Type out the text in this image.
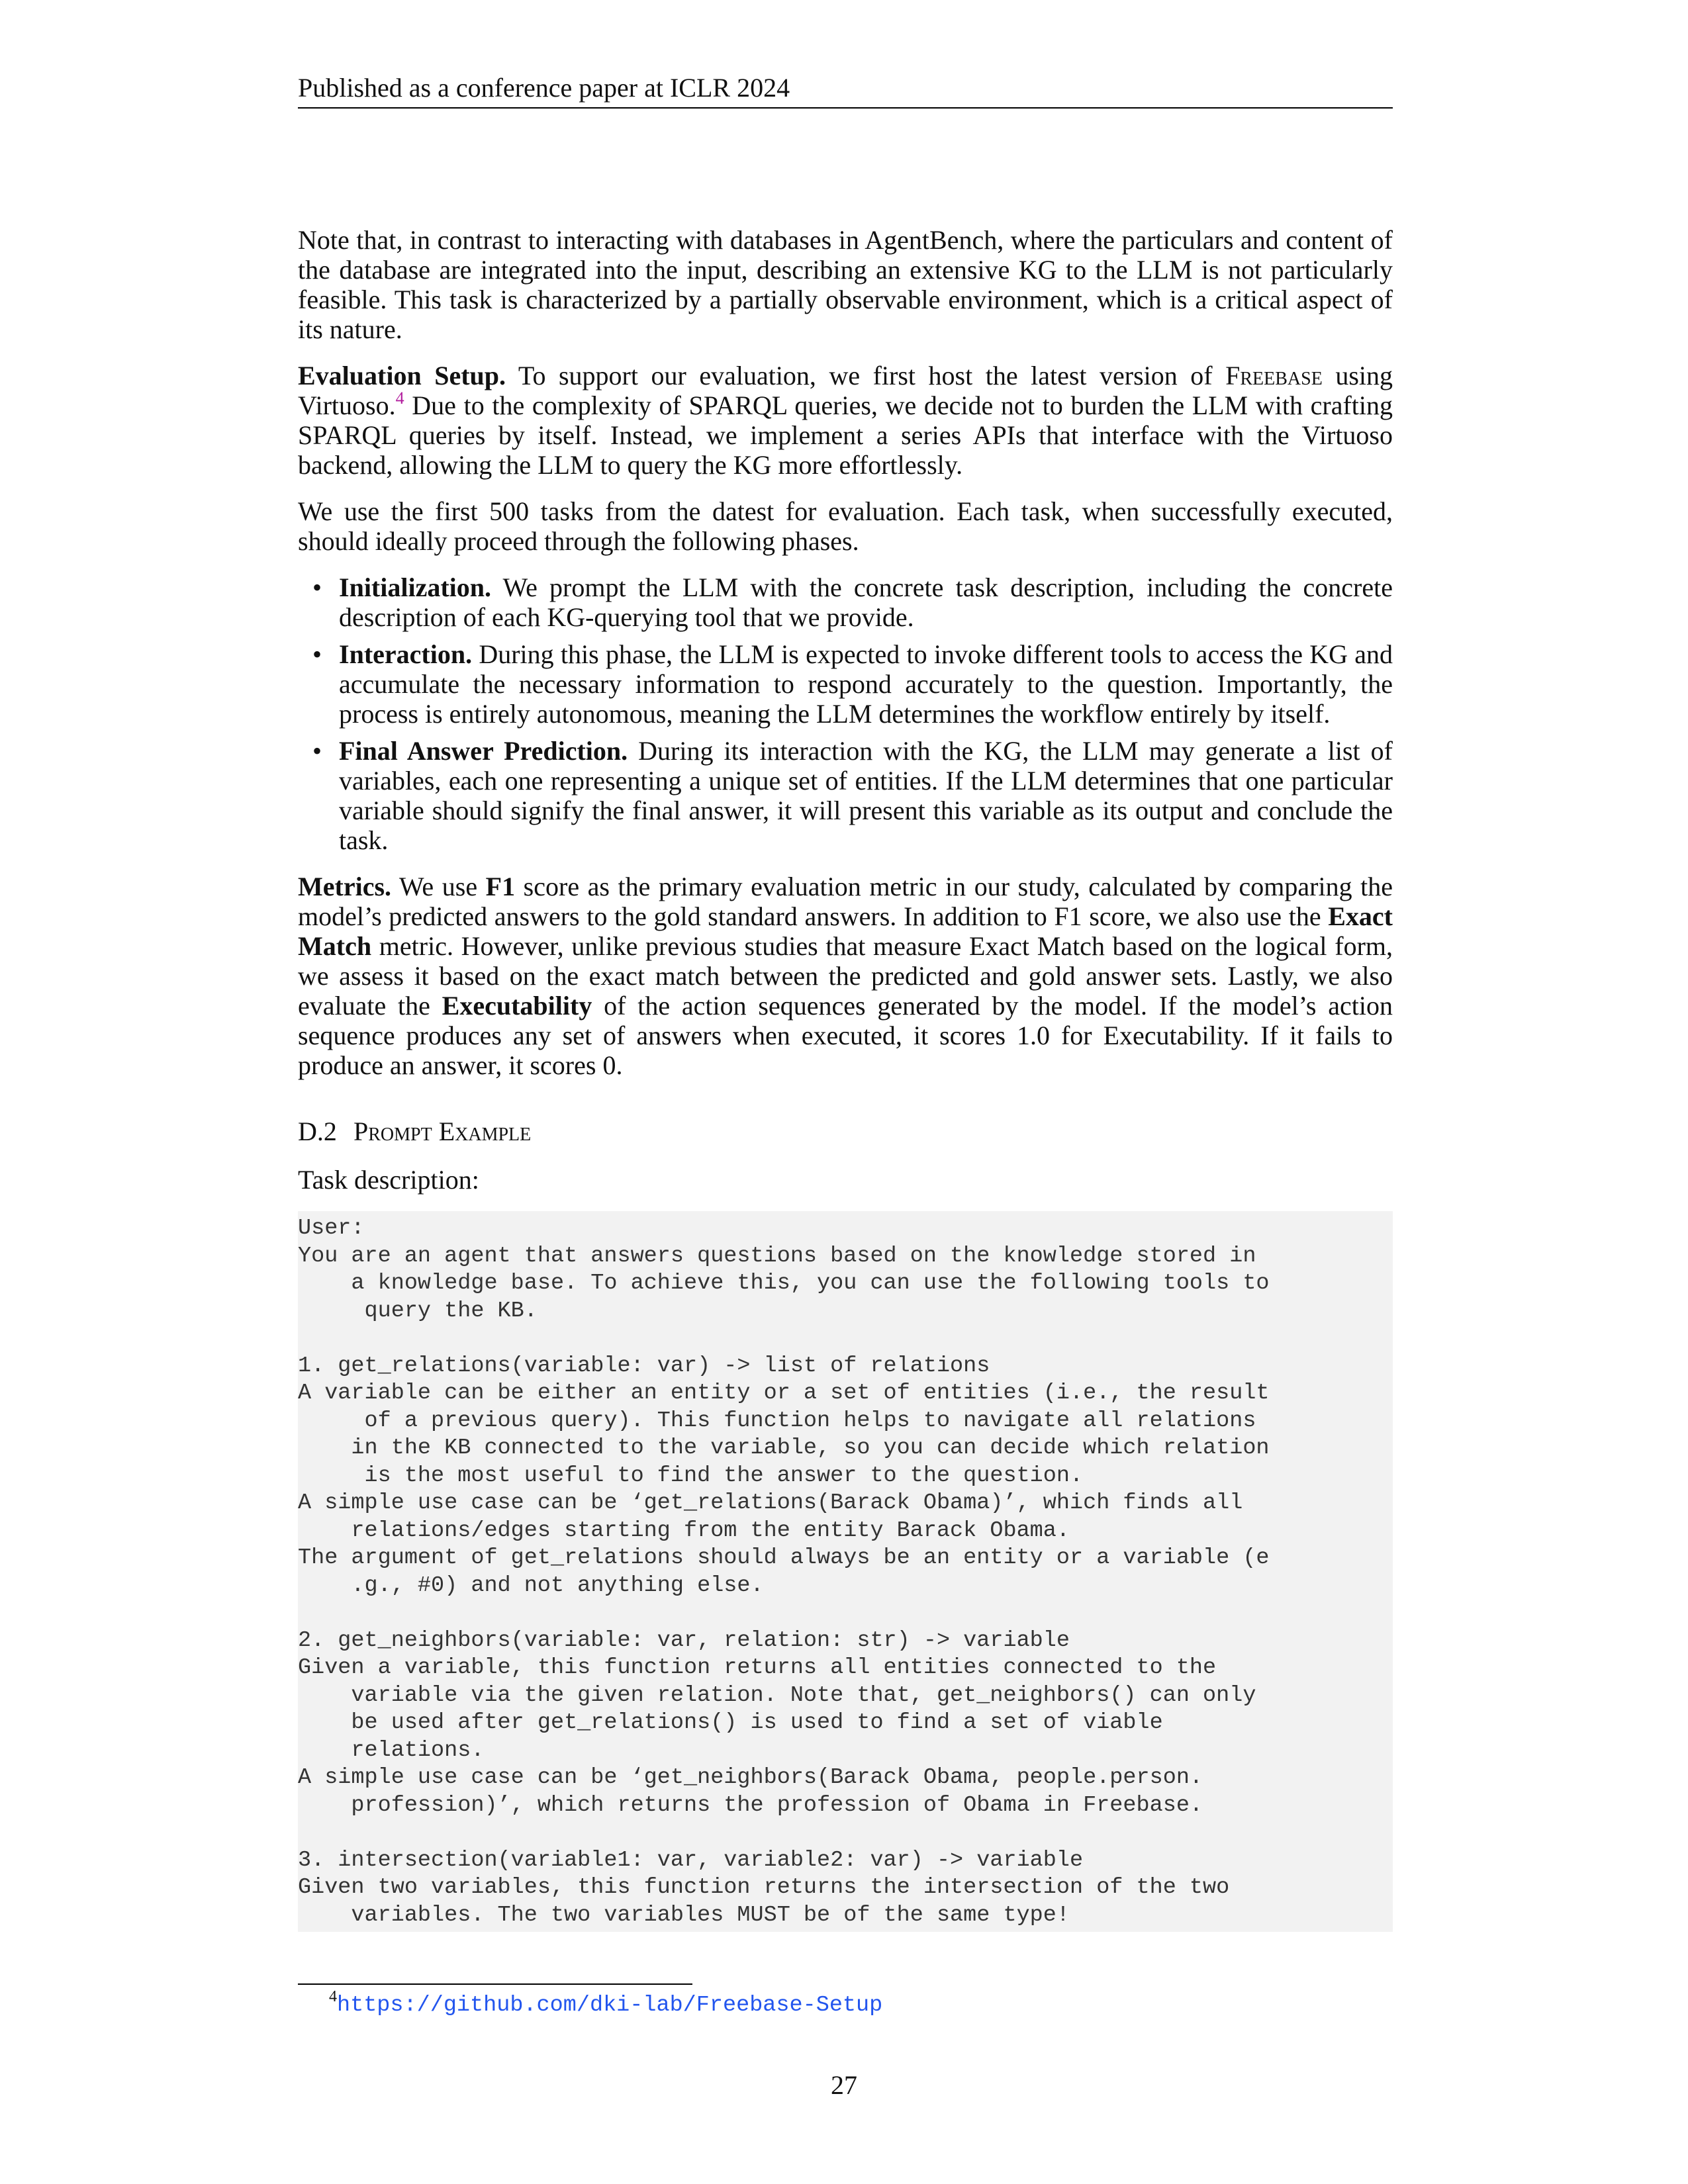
Published as a conference paper at ICLR 2024

Note that, in contrast to interacting with databases in AgentBench, where the particulars and content of the database are integrated into the input, describing an extensive KG to the LLM is not particularly feasible. This task is characterized by a partially observable environment, which is a critical aspect of its nature.

Evaluation Setup. To support our evaluation, we first host the latest version of Freebase using Virtuoso.$^4$ Due to the complexity of SPARQL queries, we decide not to burden the LLM with crafting SPARQL queries by itself. Instead, we implement a series APIs that interface with the Virtuoso backend, allowing the LLM to query the KG more effortlessly.

We use the first 500 tasks from the datest for evaluation. Each task, when successfully executed, should ideally proceed through the following phases.

• Initialization. We prompt the LLM with the concrete task description, including the concrete description of each KG-querying tool that we provide.
• Interaction. During this phase, the LLM is expected to invoke different tools to access the KG and accumulate the necessary information to respond accurately to the question. Importantly, the process is entirely autonomous, meaning the LLM determines the workflow entirely by itself.
• Final Answer Prediction. During its interaction with the KG, the LLM may generate a list of variables, each one representing a unique set of entities. If the LLM determines that one particular variable should signify the final answer, it will present this variable as its output and conclude the task.

Metrics. We use F1 score as the primary evaluation metric in our study, calculated by comparing the model’s predicted answers to the gold standard answers. In addition to F1 score, we also use the Exact Match metric. However, unlike previous studies that measure Exact Match based on the logical form, we assess it based on the exact match between the predicted and gold answer sets. Lastly, we also evaluate the Executability of the action sequences generated by the model. If the model’s action sequence produces any set of answers when executed, it scores 1.0 for Executability. If it fails to produce an answer, it scores 0.

D.2 Prompt Example

Task description:

User:
You are an agent that answers questions based on the knowledge stored in
a knowledge base. To achieve this, you can use the following tools to
query the KB.
1. get_relations(variable: var) -> list of relations
A variable can be either an entity or a set of entities (i.e., the result
of a previous query). This function helps to navigate all relations
in the KB connected to the variable, so you can decide which relation
is the most useful to find the answer to the question.
A simple use case can be ‘get_relations(Barack Obama)’, which finds all
relations/edges starting from the entity Barack Obama.
The argument of get_relations should always be an entity or a variable (e
.g., #0) and not anything else.
2. get_neighbors(variable: var, relation: str) -> variable
Given a variable, this function returns all entities connected to the
variable via the given relation. Note that, get_neighbors() can only
be used after get_relations() is used to find a set of viable
relations.
A simple use case can be ‘get_neighbors(Barack Obama, people.person.
profession)’, which returns the profession of Obama in Freebase.
3. intersection(variable1: var, variable2: var) -> variable
Given two variables, this function returns the intersection of the two
variables. The two variables MUST be of the same type!
$^4$https://github.com/dki-lab/Freebase-Setup
27
